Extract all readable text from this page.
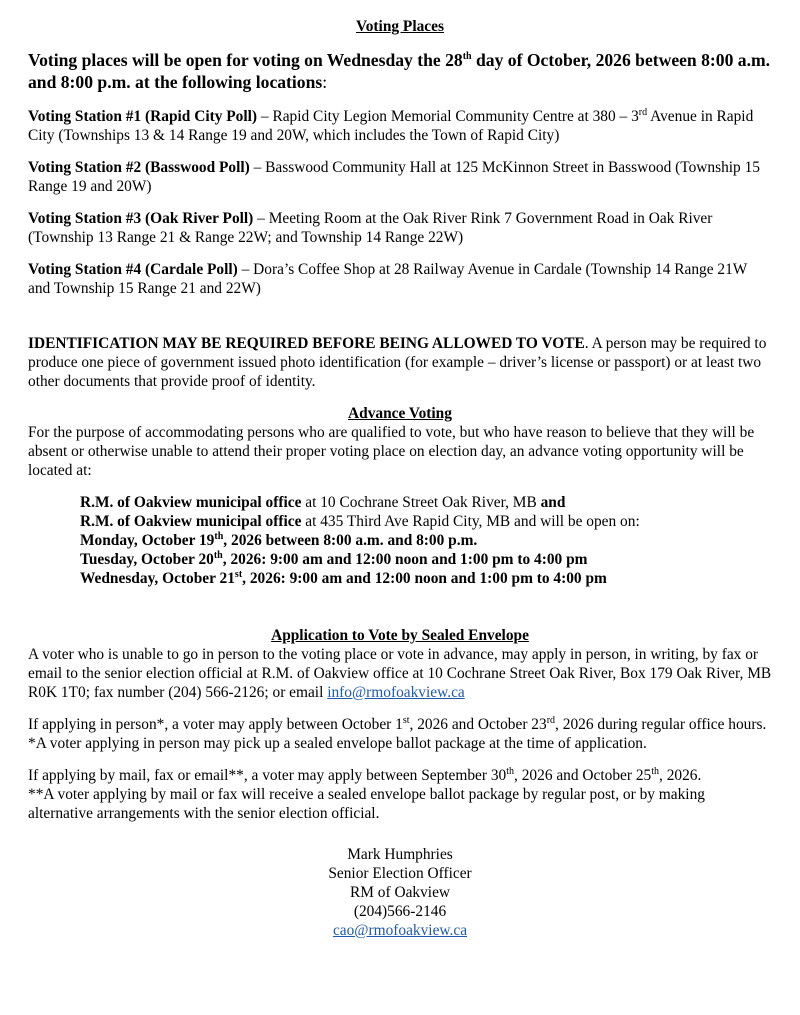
Voting Places

Voting places will be open for voting on Wednesday the 28th day of October, 2026 between 8:00 a.m. and 8:00 p.m. at the following locations:

Voting Station #1 (Rapid City Poll) – Rapid City Legion Memorial Community Centre at 380 – 3rd Avenue in Rapid City (Townships 13 & 14 Range 19 and 20W, which includes the Town of Rapid City)

Voting Station #2 (Basswood Poll) – Basswood Community Hall at 125 McKinnon Street in Basswood (Township 15 Range 19 and 20W)

Voting Station #3 (Oak River Poll) – Meeting Room at the Oak River Rink 7 Government Road in Oak River (Township 13 Range 21 & Range 22W; and Township 14 Range 22W)

Voting Station #4 (Cardale Poll) – Dora’s Coffee Shop at 28 Railway Avenue in Cardale (Township 14 Range 21W and Township 15 Range 21 and 22W)

IDENTIFICATION MAY BE REQUIRED BEFORE BEING ALLOWED TO VOTE. A person may be required to produce one piece of government issued photo identification (for example – driver’s license or passport) or at least two other documents that provide proof of identity.

Advance Voting

For the purpose of accommodating persons who are qualified to vote, but who have reason to believe that they will be absent or otherwise unable to attend their proper voting place on election day, an advance voting opportunity will be located at:

R.M. of Oakview municipal office at 10 Cochrane Street Oak River, MB and
R.M. of Oakview municipal office at 435 Third Ave Rapid City, MB and will be open on:
Monday, October 19th, 2026 between 8:00 a.m. and 8:00 p.m.
Tuesday, October 20th, 2026: 9:00 am and 12:00 noon and 1:00 pm to 4:00 pm
Wednesday, October 21st, 2026: 9:00 am and 12:00 noon and 1:00 pm to 4:00 pm

Application to Vote by Sealed Envelope

A voter who is unable to go in person to the voting place or vote in advance, may apply in person, in writing, by fax or email to the senior election official at R.M. of Oakview office at 10 Cochrane Street Oak River, Box 179 Oak River, MB R0K 1T0; fax number (204) 566-2126; or email info@rmofoakview.ca

If applying in person*, a voter may apply between October 1st, 2026 and October 23rd, 2026 during regular office hours.

*A voter applying in person may pick up a sealed envelope ballot package at the time of application.

If applying by mail, fax or email**, a voter may apply between September 30th, 2026 and October 25th, 2026.

**A voter applying by mail or fax will receive a sealed envelope ballot package by regular post, or by making alternative arrangements with the senior election official.

Mark Humphries
Senior Election Officer
RM of Oakview
(204)566-2146
cao@rmofoakview.ca
